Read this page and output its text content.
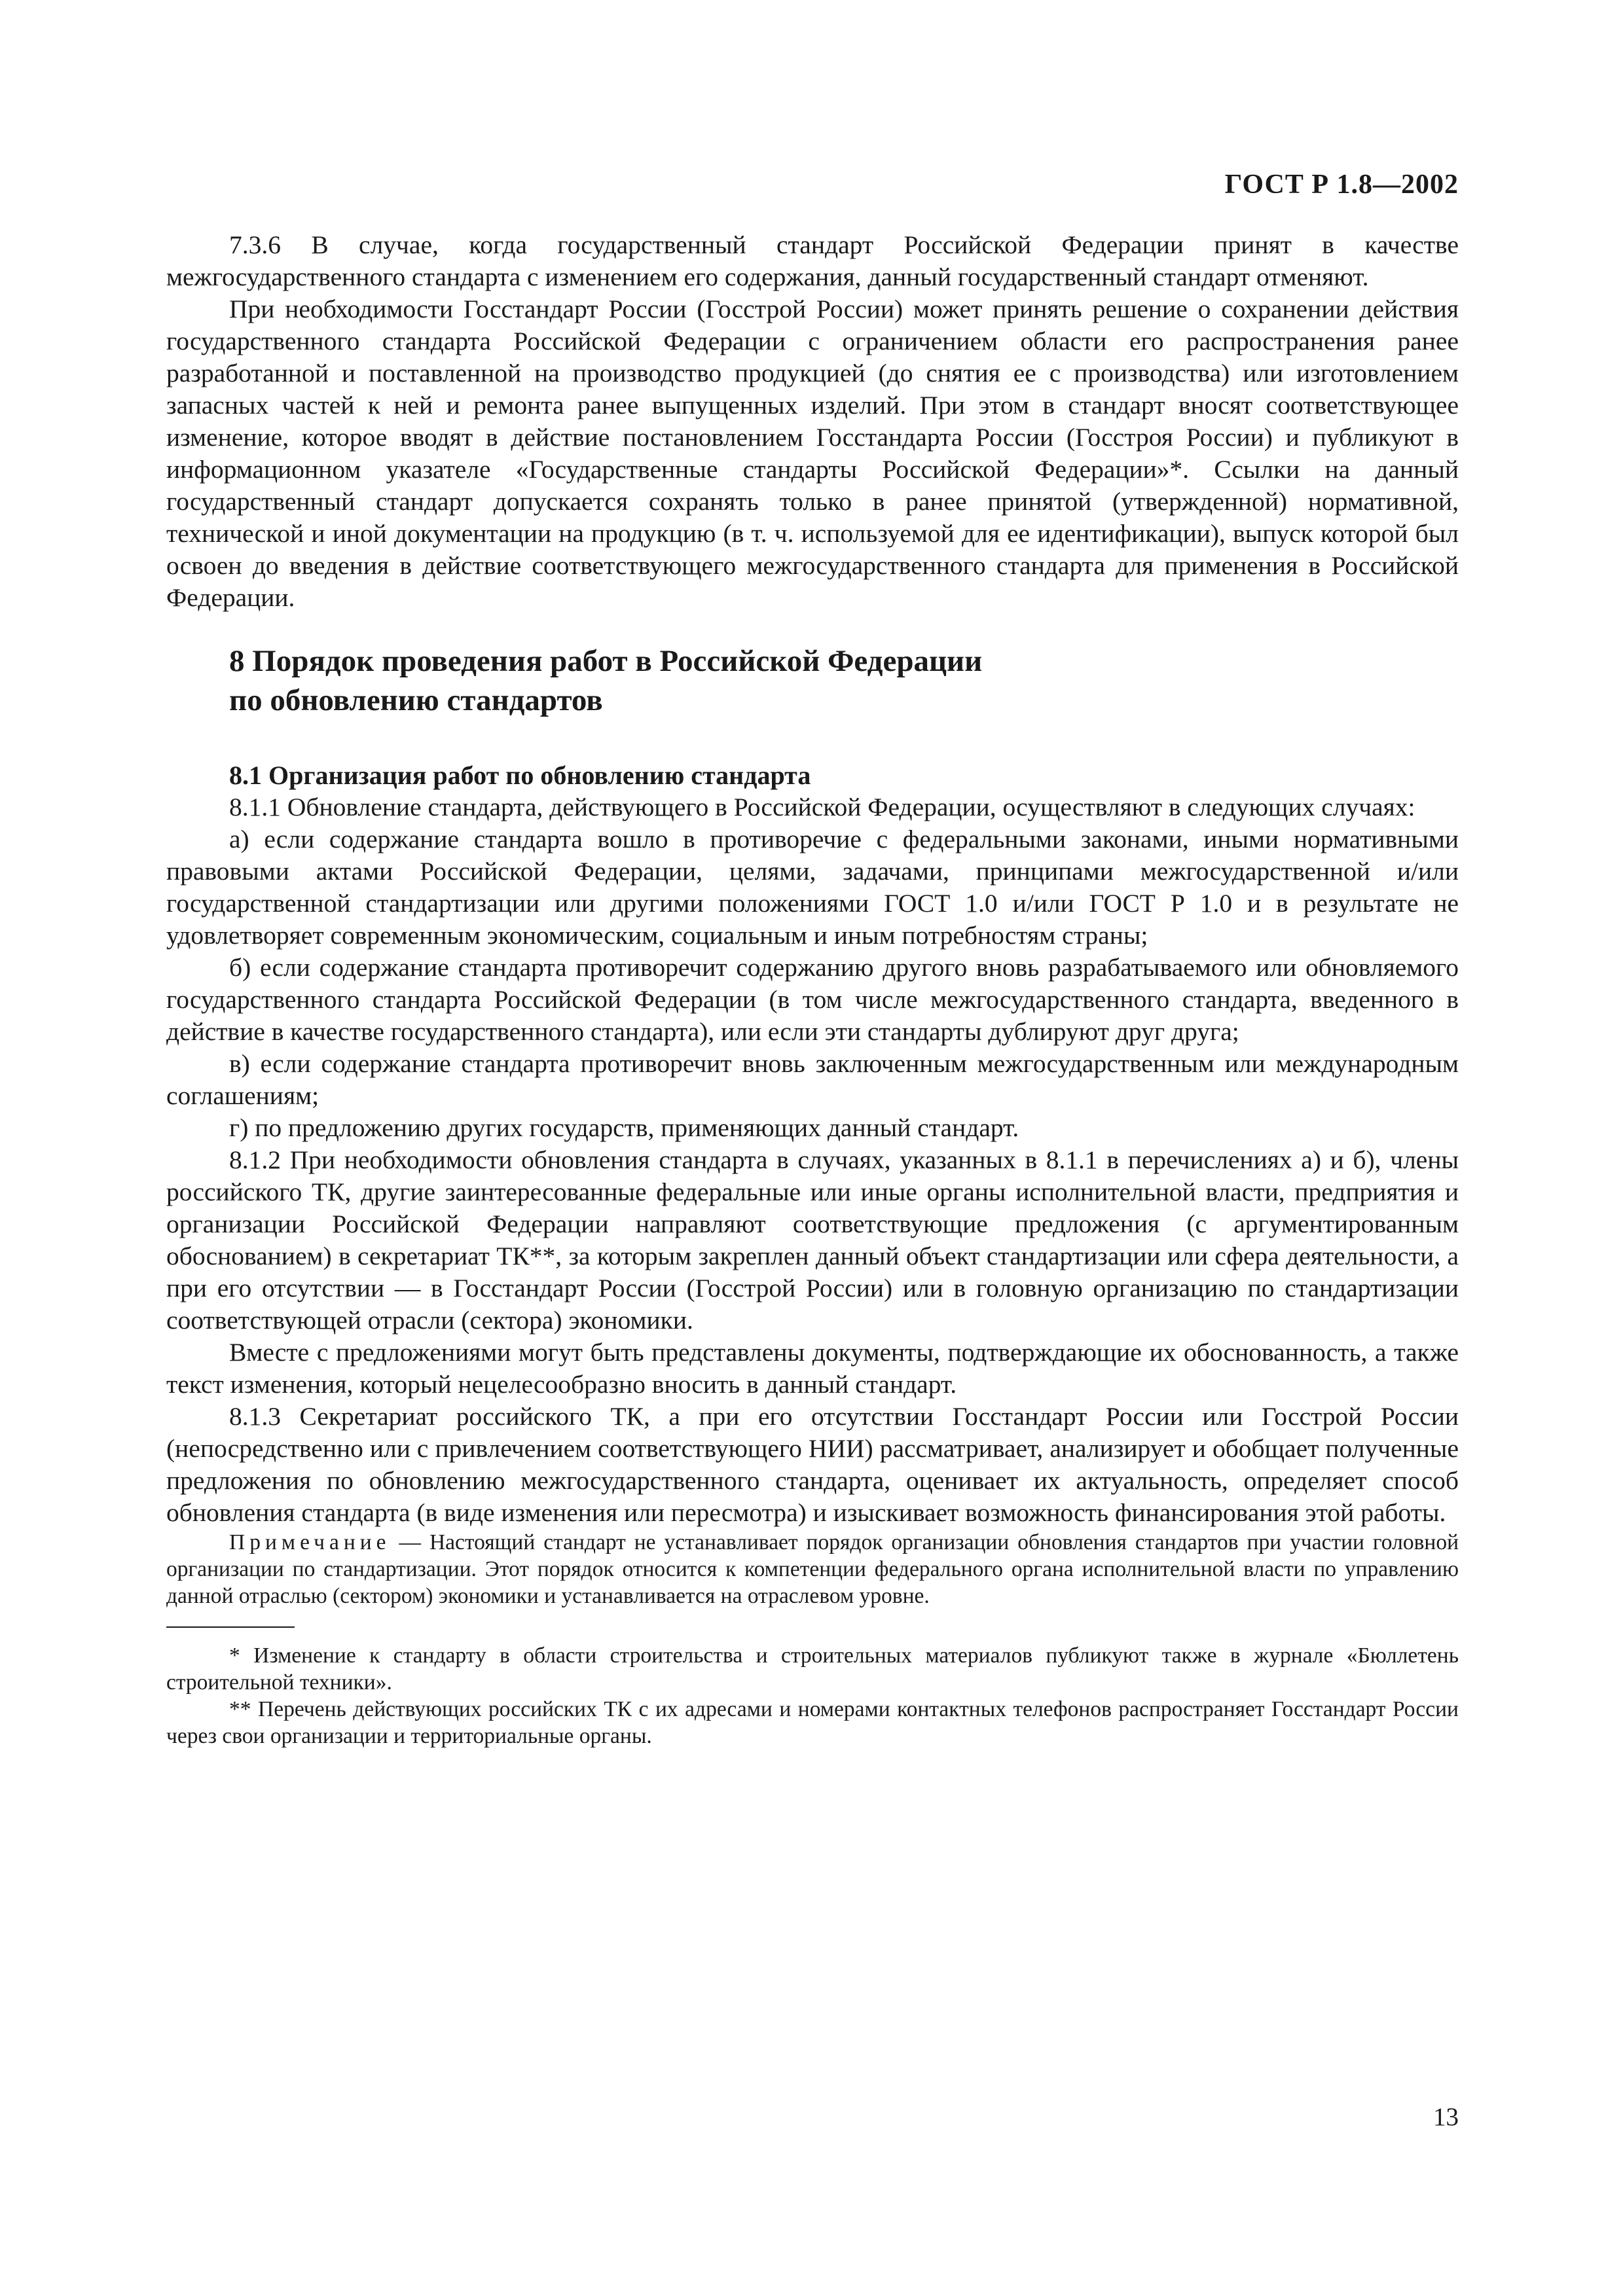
ГОСТ Р 1.8—2002

7.3.6 В случае, когда государственный стандарт Российской Федерации принят в качестве межгосударственного стандарта с изменением его содержания, данный государственный стандарт отменяют.

При необходимости Госстандарт России (Госстрой России) может принять решение о сохранении действия государственного стандарта Российской Федерации с ограничением области его распространения ранее разработанной и поставленной на производство продукцией (до снятия ее с производства) или изготовлением запасных частей к ней и ремонта ранее выпущенных изделий. При этом в стандарт вносят соответствующее изменение, которое вводят в действие постановлением Госстандарта России (Госстроя России) и публикуют в информационном указателе «Государственные стандарты Российской Федерации»*. Ссылки на данный государственный стандарт допускается сохранять только в ранее принятой (утвержденной) нормативной, технической и иной документации на продукцию (в т. ч. используемой для ее идентификации), выпуск которой был освоен до введения в действие соответствующего межгосударственного стандарта для применения в Российской Федерации.

8 Порядок проведения работ в Российской Федерации
по обновлению стандартов
8.1 Организация работ по обновлению стандарта

8.1.1 Обновление стандарта, действующего в Российской Федерации, осуществляют в следующих случаях:

а) если содержание стандарта вошло в противоречие с федеральными законами, иными нормативными правовыми актами Российской Федерации, целями, задачами, принципами межгосударственной и/или государственной стандартизации или другими положениями ГОСТ 1.0 и/или ГОСТ Р 1.0 и в результате не удовлетворяет современным экономическим, социальным и иным потребностям страны;

б) если содержание стандарта противоречит содержанию другого вновь разрабатываемого или обновляемого государственного стандарта Российской Федерации (в том числе межгосударственного стандарта, введенного в действие в качестве государственного стандарта), или если эти стандарты дублируют друг друга;

в) если содержание стандарта противоречит вновь заключенным межгосударственным или международным соглашениям;

г) по предложению других государств, применяющих данный стандарт.

8.1.2 При необходимости обновления стандарта в случаях, указанных в 8.1.1 в перечислениях а) и б), члены российского ТК, другие заинтересованные федеральные или иные органы исполнительной власти, предприятия и организации Российской Федерации направляют соответствующие предложения (с аргументированным обоснованием) в секретариат ТК**, за которым закреплен данный объект стандартизации или сфера деятельности, а при его отсутствии — в Госстандарт России (Госстрой России) или в головную организацию по стандартизации соответствующей отрасли (сектора) экономики.

Вместе с предложениями могут быть представлены документы, подтверждающие их обоснованность, а также текст изменения, который нецелесообразно вносить в данный стандарт.

8.1.3 Секретариат российского ТК, а при его отсутствии Госстандарт России или Госстрой России (непосредственно или с привлечением соответствующего НИИ) рассматривает, анализирует и обобщает полученные предложения по обновлению межгосударственного стандарта, оценивает их актуальность, определяет способ обновления стандарта (в виде изменения или пересмотра) и изыскивает возможность финансирования этой работы.

Примечание — Настоящий стандарт не устанавливает порядок организации обновления стандартов при участии головной организации по стандартизации. Этот порядок относится к компетенции федерального органа исполнительной власти по управлению данной отраслью (сектором) экономики и устанавливается на отраслевом уровне.

* Изменение к стандарту в области строительства и строительных материалов публикуют также в журнале «Бюллетень строительной техники».

** Перечень действующих российских ТК с их адресами и номерами контактных телефонов распространяет Госстандарт России через свои организации и территориальные органы.

13
